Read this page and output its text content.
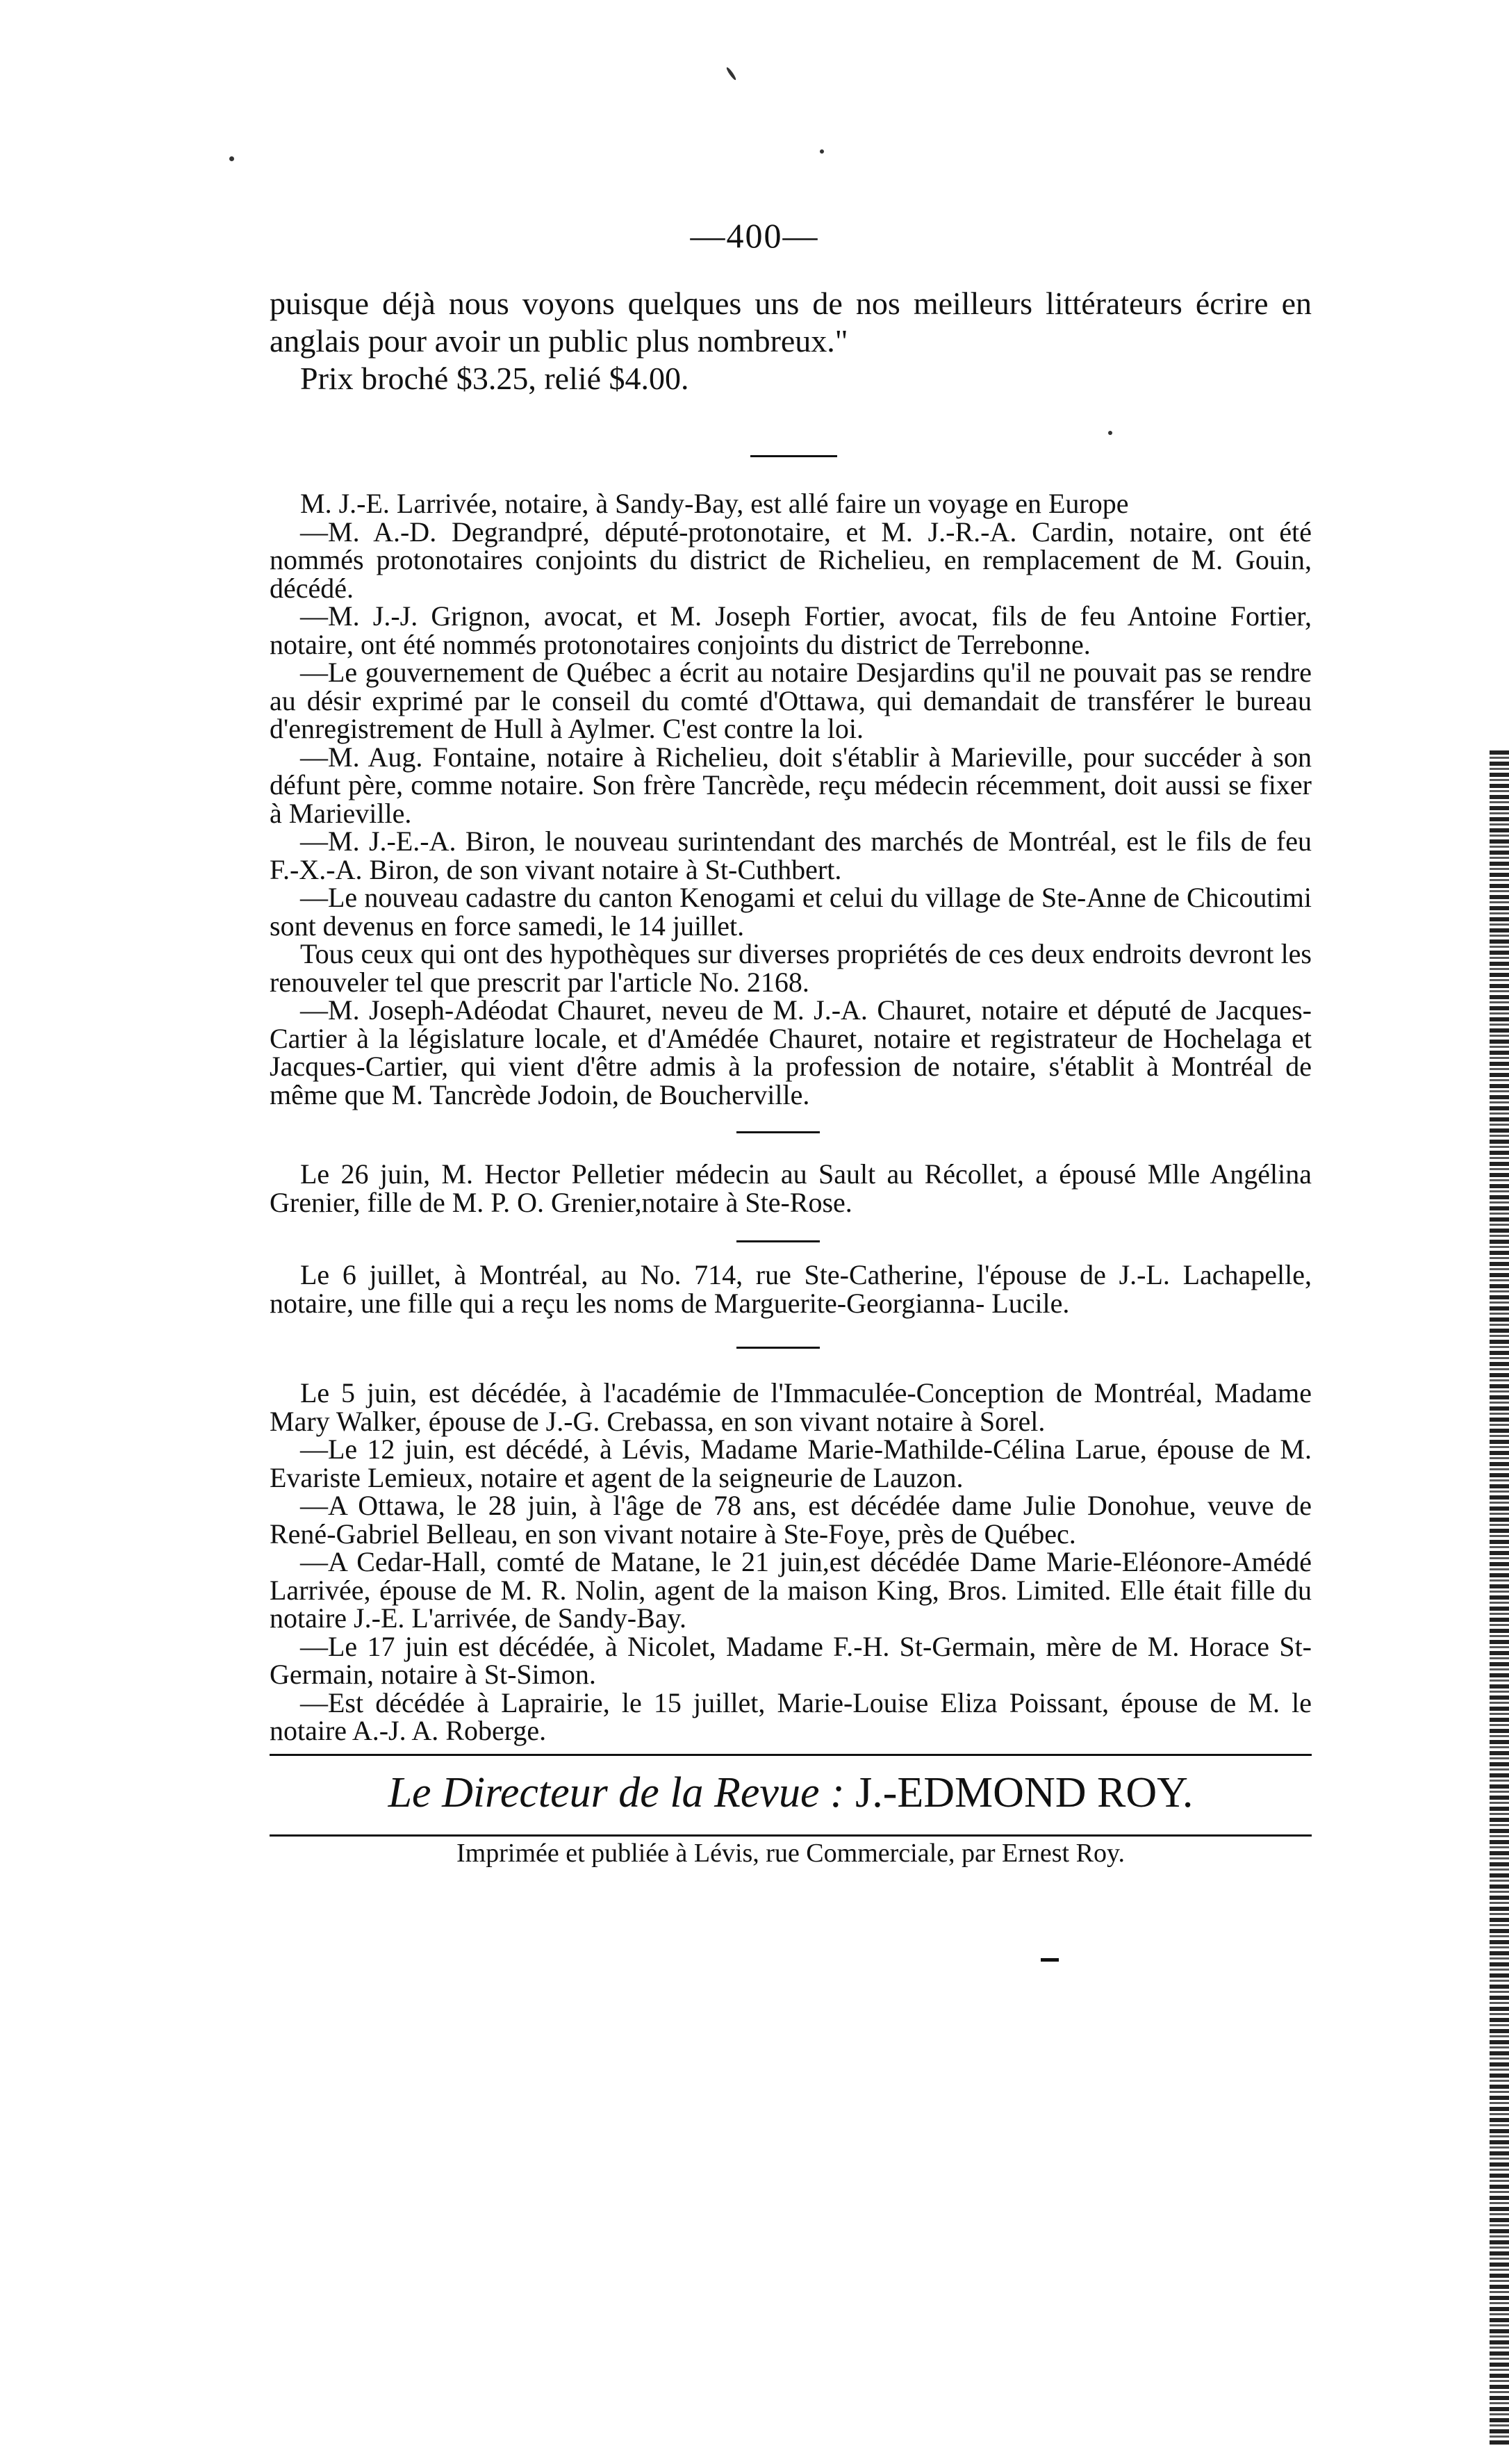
—400—

puisque déjà nous voyons quelques uns de nos meilleurs littérateurs écrire en anglais pour avoir un public plus nombreux."

Prix broché $3.25, relié $4.00.

M. J.-E. Larrivée, notaire, à Sandy-Bay, est allé faire un voyage en Europe

—M. A.-D. Degrandpré, député-protonotaire, et M. J.-R.-A. Cardin, notaire, ont été nommés protonotaires conjoints du district de Richelieu, en remplacement de M. Gouin, décédé.

—M. J.-J. Grignon, avocat, et M. Joseph Fortier, avocat, fils de feu Antoine Fortier, notaire, ont été nommés protonotaires conjoints du district de Terrebonne.

—Le gouvernement de Québec a écrit au notaire Desjardins qu'il ne pouvait pas se rendre au désir exprimé par le conseil du comté d'Ottawa, qui demandait de transférer le bureau d'enregistrement de Hull à Aylmer. C'est contre la loi.

—M. Aug. Fontaine, notaire à Richelieu, doit s'établir à Marieville, pour succéder à son défunt père, comme notaire. Son frère Tancrède, reçu médecin récemment, doit aussi se fixer à Marieville.

—M. J.-E.-A. Biron, le nouveau surintendant des marchés de Montréal, est le fils de feu F.-X.-A. Biron, de son vivant notaire à St-Cuthbert.

—Le nouveau cadastre du canton Kenogami et celui du village de Ste-Anne de Chicoutimi sont devenus en force samedi, le 14 juillet.

Tous ceux qui ont des hypothèques sur diverses propriétés de ces deux endroits devront les renouveler tel que prescrit par l'article No. 2168.

—M. Joseph-Adéodat Chauret, neveu de M. J.-A. Chauret, notaire et député de Jacques-Cartier à la législature locale, et d'Amédée Chauret, notaire et registrateur de Hochelaga et Jacques-Cartier, qui vient d'être admis à la profession de notaire, s'établit à Montréal de même que M. Tancrède Jodoin, de Boucherville.

Le 26 juin, M. Hector Pelletier médecin au Sault au Récollet, a épousé Mlle Angélina Grenier, fille de M. P. O. Grenier,notaire à Ste-Rose.

Le 6 juillet, à Montréal, au No. 714, rue Ste-Catherine, l'épouse de J.-L. Lachapelle, notaire, une fille qui a reçu les noms de Marguerite-Georgianna- Lucile.

Le 5 juin, est décédée, à l'académie de l'Immaculée-Conception de Montréal, Madame Mary Walker, épouse de J.-G. Crebassa, en son vivant notaire à Sorel.

—Le 12 juin, est décédé, à Lévis, Madame Marie-Mathilde-Célina Larue, épouse de M. Evariste Lemieux, notaire et agent de la seigneurie de Lauzon.

—A Ottawa, le 28 juin, à l'âge de 78 ans, est décédée dame Julie Donohue, veuve de René-Gabriel Belleau, en son vivant notaire à Ste-Foye, près de Québec.

—A Cedar-Hall, comté de Matane, le 21 juin,est décédée Dame Marie-Eléonore-Amédé Larrivée, épouse de M. R. Nolin, agent de la maison King, Bros. Limited. Elle était fille du notaire J.-E. L'arrivée, de Sandy-Bay.

—Le 17 juin est décédée, à Nicolet, Madame F.-H. St-Germain, mère de M. Horace St-Germain, notaire à St-Simon.

—Est décédée à Laprairie, le 15 juillet, Marie-Louise Eliza Poissant, épouse de M. le notaire A.-J. A. Roberge.

Le Directeur de la Revue : J.-EDMOND ROY.
Imprimée et publiée à Lévis, rue Commerciale, par Ernest Roy.
